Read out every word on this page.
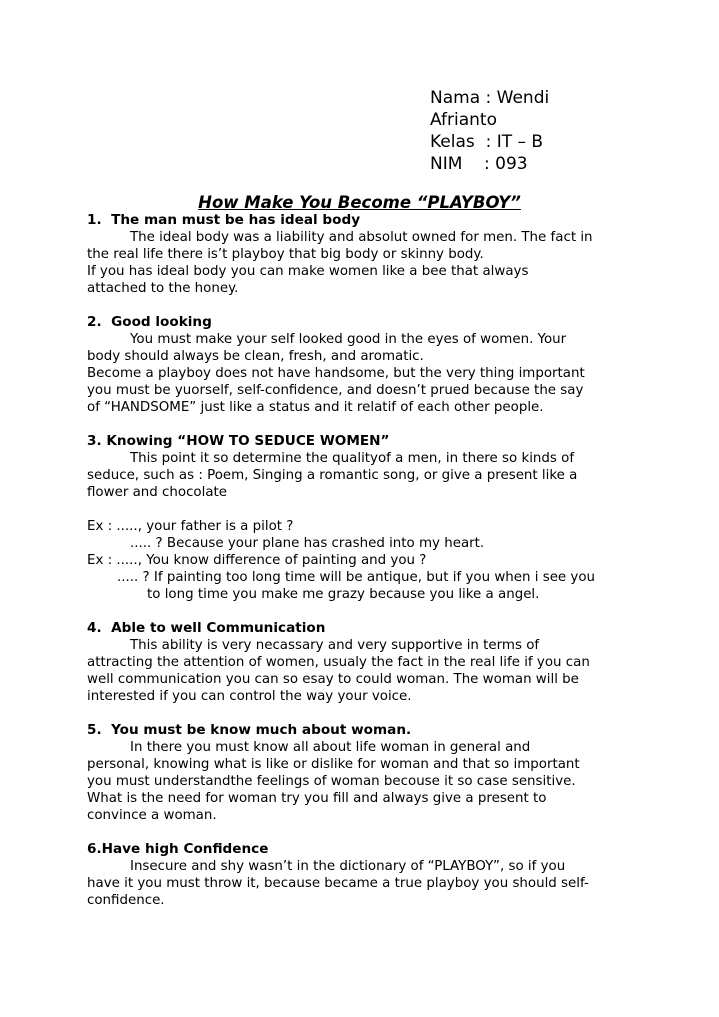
Nama : Wendi
Afrianto
Kelas  : IT – B
NIM    : 093
How Make You Become “PLAYBOY”
1.  The man must be has ideal body
The ideal body was a liability and absolut owned for men. The fact in
the real life there is’t playboy that big body or skinny body.
If you has ideal body you can make women like a bee that always
attached to the honey.
2.  Good looking
You must make your self looked good in the eyes of women. Your
body should always be clean, fresh, and aromatic.
Become a playboy does not have handsome, but the very thing important
you must be yuorself, self-confidence, and doesn’t prued because the say
of “HANDSOME” just like a status and it relatif of each other people.
3. Knowing “HOW TO SEDUCE WOMEN”
This point it so determine the qualityof a men, in there so kinds of
seduce, such as : Poem, Singing a romantic song, or give a present like a
flower and chocolate
Ex : ....., your father is a pilot ?
..... ? Because your plane has crashed into my heart.
Ex : ....., You know difference of painting and you ?
..... ? If painting too long time will be antique, but if you when i see you
to long time you make me grazy because you like a angel.
4.  Able to well Communication
This ability is very necassary and very supportive in terms of
attracting the attention of women, usualy the fact in the real life if you can
well communication you can so esay to could woman. The woman will be
interested if you can control the way your voice.
5.  You must be know much about woman.
In there you must know all about life woman in general and
personal, knowing what is like or dislike for woman and that so important
you must understandthe feelings of woman becouse it so case sensitive.
What is the need for woman try you fill and always give a present to
convince a woman.
6.Have high Confidence
Insecure and shy wasn’t in the dictionary of “PLAYBOY”, so if you
have it you must throw it, because became a true playboy you should self-
confidence.
